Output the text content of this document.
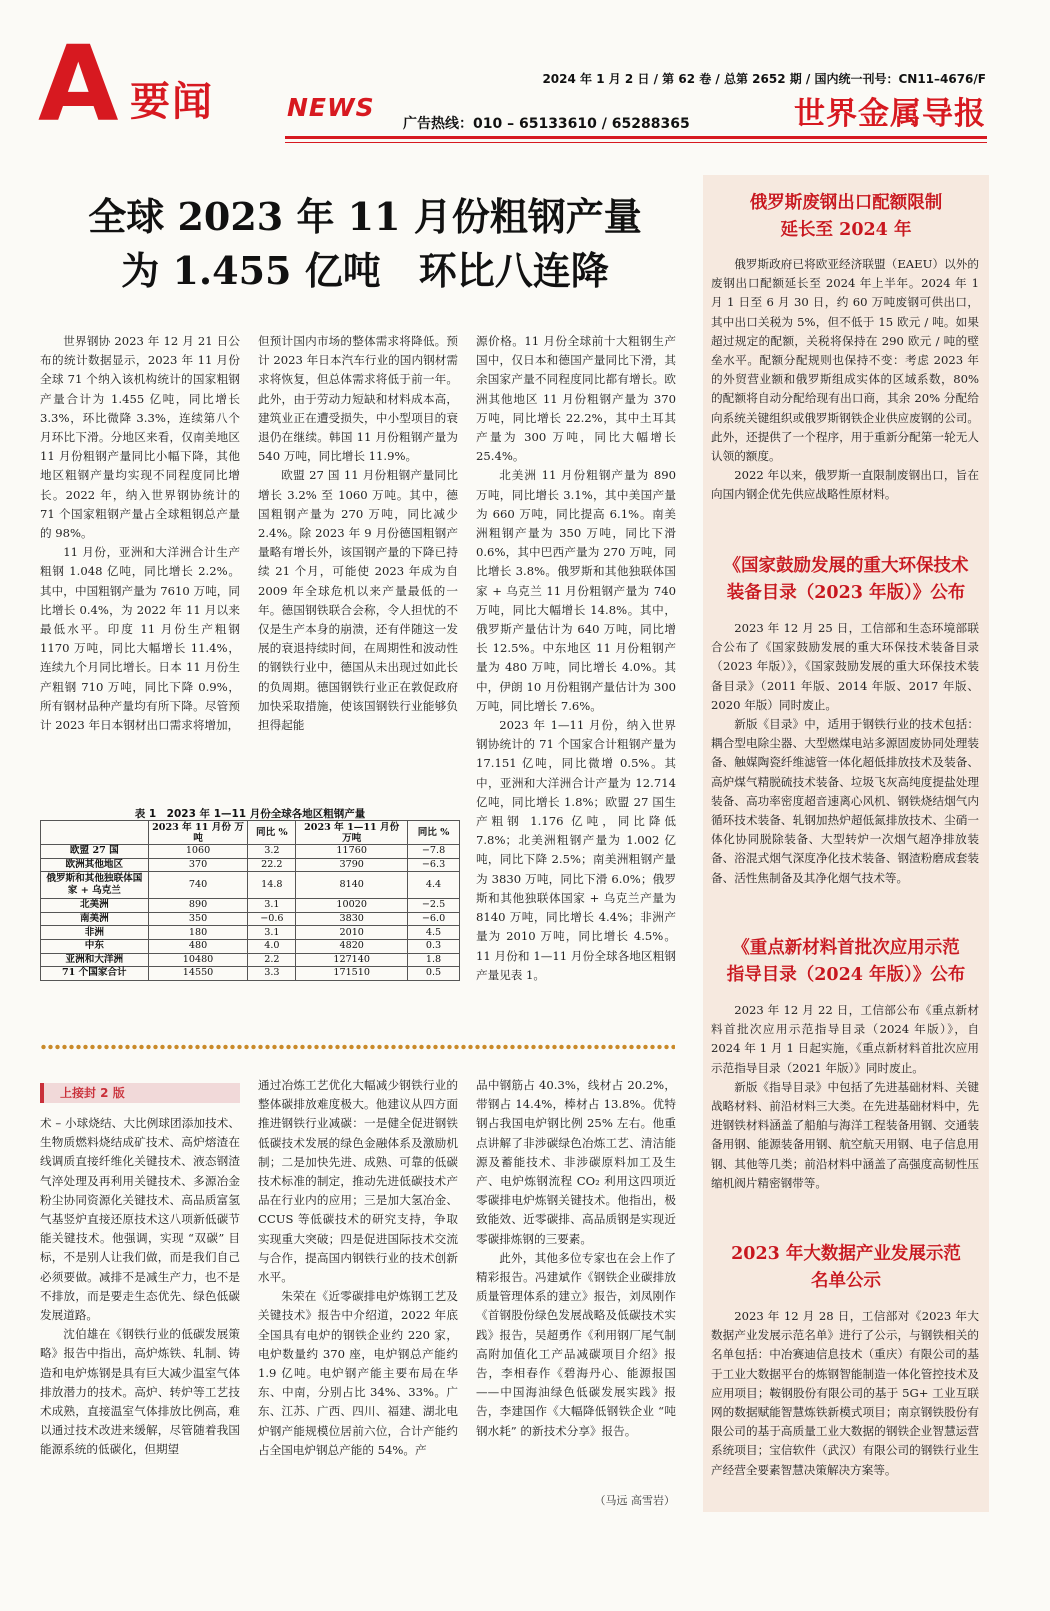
A 要闻	2024 年 1 月 2 日 / 第 62 卷 / 总第 2652 期 / 国内统一刊号：CN11–4676/F
NEWS
广告热线：010 – 65133610 / 65288365	世界金属导报
全球 2023 年 11 月份粗钢产量
为 1.455 亿吨　环比八连降

世界钢协 2023 年 12 月 21 日公布的统计数据显示，2023 年 11 月份全球 71 个纳入该机构统计的国家粗钢产量合计为 1.455 亿吨，同比增长 3.3%，环比微降 3.3%，连续第八个月环比下滑。分地区来看，仅南美地区 11 月份粗钢产量同比小幅下降，其他地区粗钢产量均实现不同程度同比增长。2022 年，纳入世界钢协统计的 71 个国家粗钢产量占全球粗钢总产量的 98%。

11 月份，亚洲和大洋洲合计生产粗钢 1.048 亿吨，同比增长 2.2%。其中，中国粗钢产量为 7610 万吨，同比增长 0.4%，为 2022 年 11 月以来最低水平。印度 11 月份生产粗钢 1170 万吨，同比大幅增长 11.4%，连续九个月同比增长。日本 11 月份生产粗钢 710 万吨，同比下降 0.9%，所有钢材品种产量均有所下降。尽管预计 2023 年日本钢材出口需求将增加，

但预计国内市场的整体需求将降低。预计 2023 年日本汽车行业的国内钢材需求将恢复，但总体需求将低于前一年。此外，由于劳动力短缺和材料成本高，建筑业正在遭受损失，中小型项目的衰退仍在继续。韩国 11 月份粗钢产量为 540 万吨，同比增长 11.9%。

欧盟 27 国 11 月份粗钢产量同比增长 3.2% 至 1060 万吨。其中，德国粗钢产量为 270 万吨，同比减少 2.4%。除 2023 年 9 月份德国粗钢产量略有增长外，该国钢产量的下降已持续 21 个月，可能使 2023 年成为自 2009 年全球危机以来产量最低的一年。德国钢铁联合会称，令人担忧的不仅是生产本身的崩溃，还有伴随这一发展的衰退持续时间，在周期性和波动性的钢铁行业中，德国从未出现过如此长的负周期。德国钢铁行业正在敦促政府加快采取措施，使该国钢铁行业能够负担得起能

源价格。11 月份全球前十大粗钢生产国中，仅日本和德国产量同比下滑，其余国家产量不同程度同比都有增长。欧洲其他地区 11 月份粗钢产量为 370 万吨，同比增长 22.2%，其中土耳其产量为 300 万吨，同比大幅增长 25.4%。

北美洲 11 月份粗钢产量为 890 万吨，同比增长 3.1%，其中美国产量为 660 万吨，同比提高 6.1%。南美洲粗钢产量为 350 万吨，同比下滑 0.6%，其中巴西产量为 270 万吨，同比增长 3.8%。俄罗斯和其他独联体国家 + 乌克兰 11 月份粗钢产量为 740 万吨，同比大幅增长 14.8%。其中，俄罗斯产量估计为 640 万吨，同比增长 12.5%。中东地区 11 月份粗钢产量为 480 万吨，同比增长 4.0%。其中，伊朗 10 月份粗钢产量估计为 300 万吨，同比增长 7.6%。

2023 年 1—11 月份，纳入世界钢协统计的 71 个国家合计粗钢产量为 17.151 亿吨，同比微增 0.5%。其中，亚洲和大洋洲合计产量为 12.714 亿吨，同比增长 1.8%；欧盟 27 国生产粗钢 1.176 亿吨，同比降低 7.8%；北美洲粗钢产量为 1.002 亿吨，同比下降 2.5%；南美洲粗钢产量为 3830 万吨，同比下滑 6.0%；俄罗斯和其他独联体国家 + 乌克兰产量为 8140 万吨，同比增长 4.4%；非洲产量为 2010 万吨，同比增长 4.5%。11 月份和 1—11 月份全球各地区粗钢产量见表 1。

表 1　2023 年 1—11 月份全球各地区粗钢产量
	2023 年 11 月份 万吨	同比 %	2023 年 1—11 月份 万吨	同比 %
欧盟 27 国	1060	3.2	11760	−7.8
欧洲其他地区	370	22.2	3790	−6.3
俄罗斯和其他独联体国家 + 乌克兰	740	14.8	8140	4.4
北美洲	890	3.1	10020	−2.5
南美洲	350	−0.6	3830	−6.0
非洲	180	3.1	2010	4.5
中东	480	4.0	4820	0.3
亚洲和大洋洲	10480	2.2	127140	1.8
71 个国家合计	14550	3.3	171510	0.5
上接封 2 版

术 – 小球烧结、大比例球团添加技术、生物质燃料烧结成矿技术、高炉熔渣在线调质直接纤维化关键技术、液态钢渣气淬处理及再利用关键技术、多源冶金粉尘协同资源化关键技术、高品质富氢气基竖炉直接还原技术这八项新低碳节能关键技术。他强调，实现 “双碳” 目标，不是别人让我们做，而是我们自己必须要做。减排不是减生产力，也不是不排放，而是要走生态优先、绿色低碳发展道路。

沈伯雄在《钢铁行业的低碳发展策略》报告中指出，高炉炼铁、轧制、铸造和电炉炼钢是具有巨大减少温室气体排放潜力的技术。高炉、转炉等工艺技术成熟，直接温室气体排放比例高，难以通过技术改进来缓解，尽管随着我国能源系统的低碳化，但期望

通过冶炼工艺优化大幅减少钢铁行业的整体碳排放难度极大。他建议从四方面推进钢铁行业减碳：一是健全促进钢铁低碳技术发展的绿色金融体系及激励机制；二是加快先进、成熟、可靠的低碳技术标准的制定，推动先进低碳技术产品在行业内的应用；三是加大氢冶金、CCUS 等低碳技术的研究支持，争取实现重大突破；四是促进国际技术交流与合作，提高国内钢铁行业的技术创新水平。

朱荣在《近零碳排电炉炼钢工艺及关键技术》报告中介绍道，2022 年底全国具有电炉的钢铁企业约 220 家，电炉数量约 370 座，电炉钢总产能约 1.9 亿吨。电炉钢产能主要布局在华东、中南，分别占比 34%、33%。广东、江苏、广西、四川、福建、湖北电炉钢产能规模位居前六位，合计产能约占全国电炉钢总产能的 54%。产

品中钢筋占 40.3%，线材占 20.2%，带钢占 14.4%，棒材占 13.8%。优特钢占我国电炉钢比例 25% 左右。他重点讲解了非涉碳绿色冶炼工艺、清洁能源及蓄能技术、非涉碳原料加工及生产、电炉炼钢流程 CO₂ 利用这四项近零碳排电炉炼钢关键技术。他指出，极致能效、近零碳排、高品质钢是实现近零碳排炼钢的三要素。

此外，其他多位专家也在会上作了精彩报告。冯建斌作《钢铁企业碳排放质量管理体系的建立》报告，刘凤刚作《首钢股份绿色发展战略及低碳技术实践》报告，吴超勇作《利用钢厂尾气制高附加值化工产品减碳项目介绍》报告，李相春作《碧海丹心、能源报国——中国海油绿色低碳发展实践》报告，李建国作《大幅降低钢铁企业 “吨钢水耗” 的新技术分享》报告。

（马远 高雪岩）
俄罗斯废钢出口配额限制
延长至 2024 年

俄罗斯政府已将欧亚经济联盟（EAEU）以外的废钢出口配额延长至 2024 年上半年。2024 年 1 月 1 日至 6 月 30 日，约 60 万吨废钢可供出口，其中出口关税为 5%，但不低于 15 欧元 / 吨。如果超过规定的配额，关税将保持在 290 欧元 / 吨的壁垒水平。配额分配规则也保持不变：考虑 2023 年的外贸营业额和俄罗斯组成实体的区域系数，80% 的配额将自动分配给现有出口商，其余 20% 分配给向系统关键组织或俄罗斯钢铁企业供应废钢的公司。此外，还提供了一个程序，用于重新分配第一轮无人认领的额度。

2022 年以来，俄罗斯一直限制废钢出口，旨在向国内钢企优先供应战略性原材料。

《国家鼓励发展的重大环保技术
装备目录（2023 年版）》公布

2023 年 12 月 25 日，工信部和生态环境部联合公布了《国家鼓励发展的重大环保技术装备目录（2023 年版）》，《国家鼓励发展的重大环保技术装备目录》（2011 年版、2014 年版、2017 年版、2020 年版）同时废止。

新版《目录》中，适用于钢铁行业的技术包括：耦合型电除尘器、大型燃煤电站多源固废协同处理装备、触媒陶瓷纤维滤管一体化超低排放技术及装备、高炉煤气精脱硫技术装备、垃圾飞灰高纯度提盐处理装备、高功率密度超音速离心风机、钢铁烧结烟气内循环技术装备、轧钢加热炉超低氮排放技术、尘硝一体化协同脱除装备、大型转炉一次烟气超净排放装备、浴混式烟气深度净化技术装备、钢渣粉磨成套装备、活性焦制备及其净化烟气技术等。

《重点新材料首批次应用示范
指导目录（2024 年版）》公布

2023 年 12 月 22 日，工信部公布《重点新材料首批次应用示范指导目录（2024 年版）》，自 2024 年 1 月 1 日起实施，《重点新材料首批次应用示范指导目录（2021 年版）》同时废止。

新版《指导目录》中包括了先进基础材料、关键战略材料、前沿材料三大类。在先进基础材料中，先进钢铁材料涵盖了船舶与海洋工程装备用钢、交通装备用钢、能源装备用钢、航空航天用钢、电子信息用钢、其他等几类；前沿材料中涵盖了高强度高韧性压缩机阀片精密钢带等。

2023 年大数据产业发展示范
名单公示

2023 年 12 月 28 日，工信部对《2023 年大数据产业发展示范名单》进行了公示，与钢铁相关的名单包括：中冶赛迪信息技术（重庆）有限公司的基于工业大数据平台的炼钢智能制造一体化管控技术及应用项目；鞍钢股份有限公司的基于 5G+ 工业互联网的数据赋能智慧炼铁新模式项目；南京钢铁股份有限公司的基于高质量工业大数据的钢铁企业智慧运营系统项目；宝信软件（武汉）有限公司的钢铁行业生产经营全要素智慧决策解决方案等。
